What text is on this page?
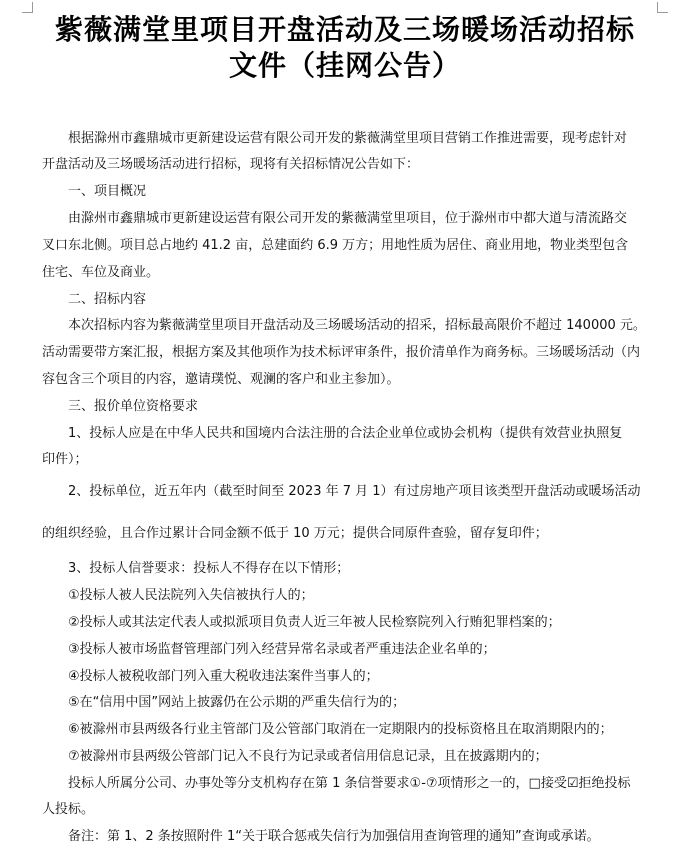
紫薇满堂里项目开盘活动及三场暖场活动招标
文件（挂网公告）

根据滁州市鑫鼎城市更新建设运营有限公司开发的紫薇满堂里项目营销工作推进需要，现考虑针对

开盘活动及三场暖场活动进行招标，现将有关招标情况公告如下：

一、项目概况

由滁州市鑫鼎城市更新建设运营有限公司开发的紫薇满堂里项目，位于滁州市中都大道与清流路交

叉口东北侧。项目总占地约 41.2 亩，总建面约 6.9 万方；用地性质为居住、商业用地，物业类型包含

住宅、车位及商业。

二、招标内容

本次招标内容为紫薇满堂里项目开盘活动及三场暖场活动的招采，招标最高限价不超过 140000 元。

活动需要带方案汇报，根据方案及其他项作为技术标评审条件，报价清单作为商务标。三场暖场活动（内

容包含三个项目的内容，邀请璞悦、观澜的客户和业主参加）。

三、报价单位资格要求

1、投标人应是在中华人民共和国境内合法注册的合法企业单位或协会机构（提供有效营业执照复

印件）；

2、投标单位，近五年内（截至时间至 2023 年 7 月 1）有过房地产项目该类型开盘活动或暖场活动

的组织经验，且合作过累计合同金额不低于 10 万元；提供合同原件查验，留存复印件；

3、投标人信誉要求：投标人不得存在以下情形；

①投标人被人民法院列入失信被执行人的；

②投标人或其法定代表人或拟派项目负责人近三年被人民检察院列入行贿犯罪档案的；

③投标人被市场监督管理部门列入经营异常名录或者严重违法企业名单的；

④投标人被税收部门列入重大税收违法案件当事人的；

⑤在“信用中国”网站上披露仍在公示期的严重失信行为的；

⑥被滁州市县两级各行业主管部门及公管部门取消在一定期限内的投标资格且在取消期限内的；

⑦被滁州市县两级公管部门记入不良行为记录或者信用信息记录，且在披露期内的；

投标人所属分公司、办事处等分支机构存在第 1 条信誉要求①-⑦项情形之一的，□接受☑拒绝投标

人投标。

备注：第 1、2 条按照附件 1“关于联合惩戒失信行为加强信用查询管理的通知”查询或承诺。
